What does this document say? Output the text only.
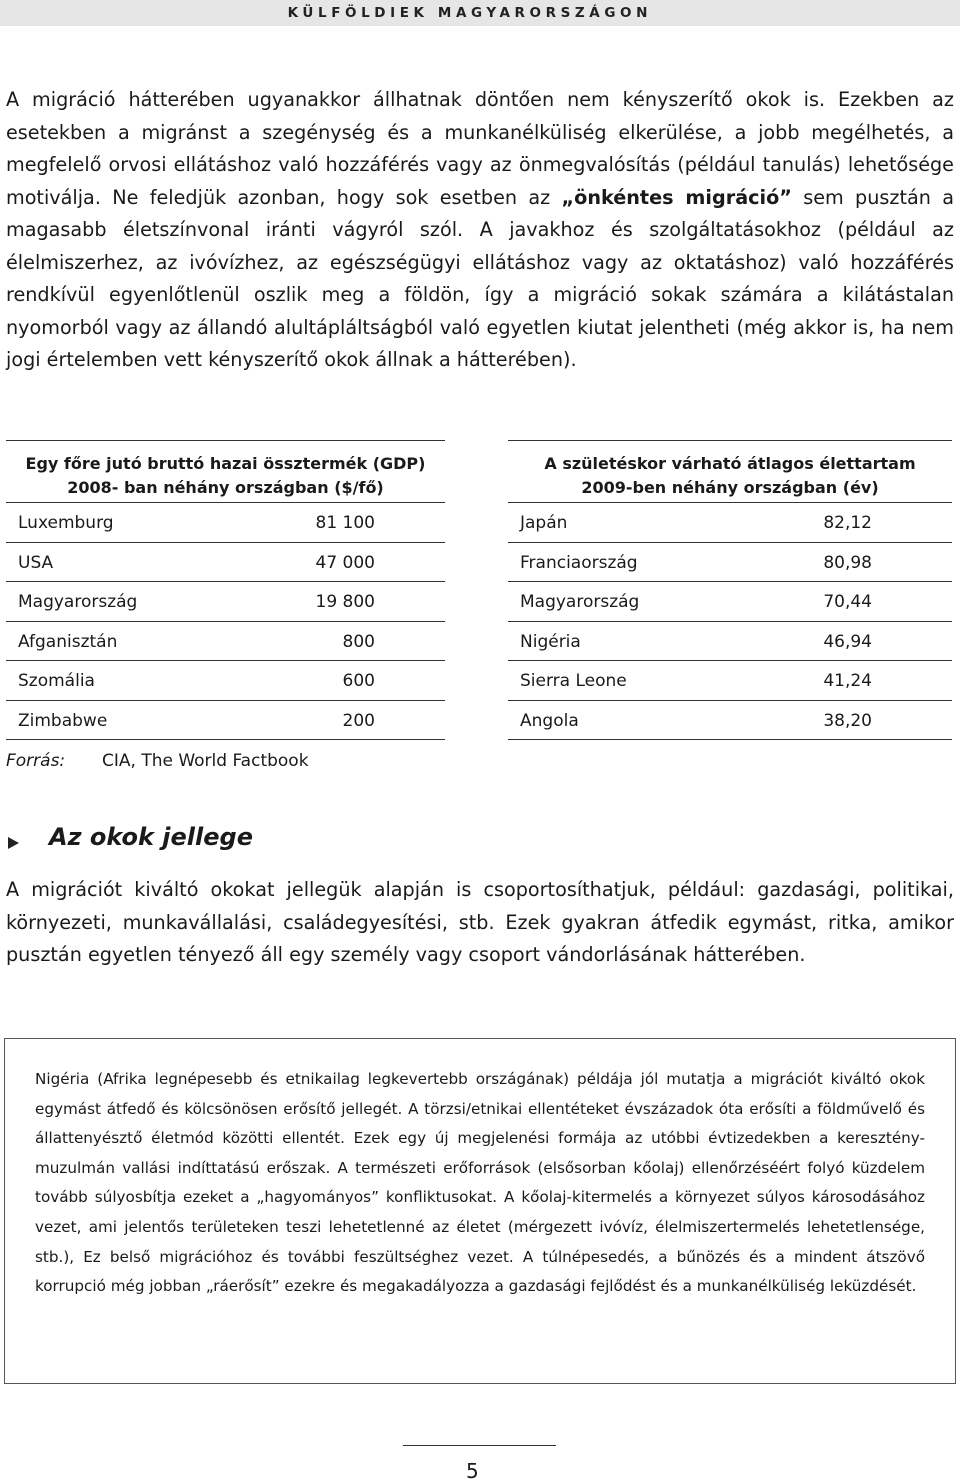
KÜLFÖLDIEK MAGYARORSZÁGON

A migráció hátterében ugyanakkor állhatnak döntően nem kényszerítő okok is. Ezekben az esetekben a migránst a szegénység és a munkanélküliség elkerülése, a jobb megélhetés, a megfelelő orvosi ellátáshoz való hozzáférés vagy az önmegvalósítás (például tanulás) lehetősége motiválja. Ne feledjük azonban, hogy sok esetben az „önkéntes migráció” sem pusztán a magasabb életszínvonal iránti vágyról szól. A javakhoz és szolgáltatásokhoz (például az élelmiszerhez, az ivóvízhez, az egészségügyi ellátáshoz vagy az oktatáshoz) való hozzáférés rendkívül egyenlőtlenül oszlik meg a földön, így a migráció sokak számára a kilátástalan nyomorból vagy az állandó alultápláltságból való egyetlen kiutat jelentheti (még akkor is, ha nem jogi értelemben vett kényszerítő okok állnak a hátterében).

Egy főre jutó bruttó hazai össztermék (GDP)
2008- ban néhány országban ($/fő)
Luxemburg	81 100
USA	47 000
Magyarország	19 800
Afganisztán	800
Szomália	600
Zimbabwe	200
A születéskor várható átlagos élettartam
2009-ben néhány országban (év)
Japán	82,12
Franciaország	80,98
Magyarország	70,44
Nigéria	46,94
Sierra Leone	41,24
Angola	38,20
Forrás: CIA, The World Factbook
Az okok jellege

A migrációt kiváltó okokat jellegük alapján is csoportosíthatjuk, például: gazdasági, politikai, környezeti, munkavállalási, családegyesítési, stb. Ezek gyakran átfedik egymást, ritka, amikor pusztán egyetlen tényező áll egy személy vagy csoport vándorlásának hátterében.

Nigéria (Afrika legnépesebb és etnikailag legkevertebb országának) példája jól mutatja a migrációt kiváltó okok egymást átfedő és kölcsönösen erősítő jellegét. A törzsi/etnikai ellentéteket évszázadok óta erősíti a földművelő és állattenyésztő életmód közötti ellentét. Ezek egy új megjelenési formája az utóbbi évtizedekben a keresztény-muzulmán vallási indíttatású erőszak. A természeti erőforrások (elsősorban kőolaj) ellenőrzéséért folyó küzdelem tovább súlyosbítja ezeket a „hagyományos” konfliktusokat. A kőolaj-kitermelés a környezet súlyos károsodásához vezet, ami jelentős területeken teszi lehetetlenné az életet (mérgezett ivóvíz, élelmiszertermelés lehetetlensége, stb.), Ez belső migrációhoz és további feszültséghez vezet. A túlnépesedés, a bűnözés és a mindent átszövő korrupció még jobban „ráerősít” ezekre és megakadályozza a gazdasági fejlődést és a munkanélküliség leküzdését.

5
